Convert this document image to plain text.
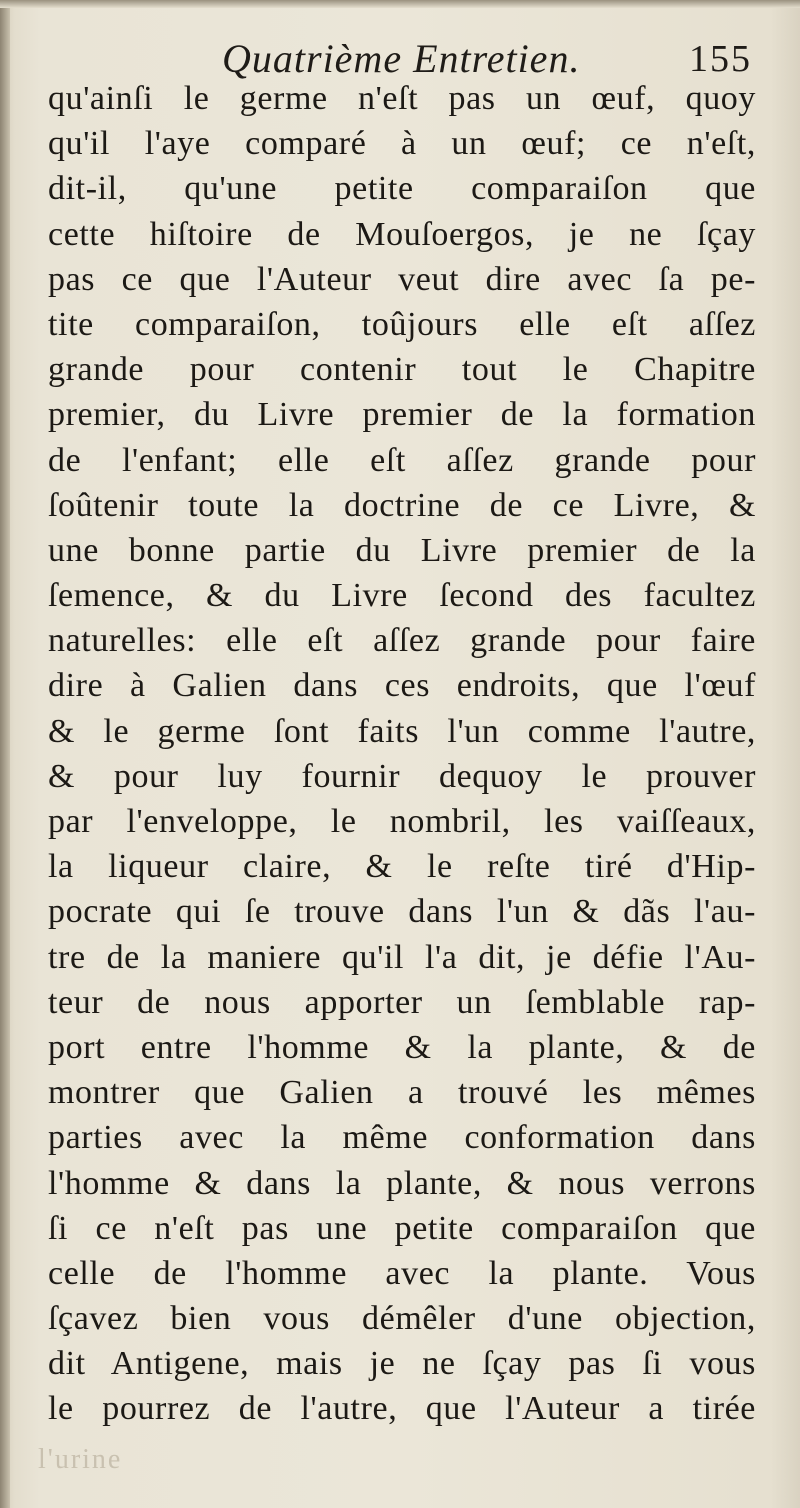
Quatrième Entretien.	155
qu'ainſi le germe n'eſt pas un œuf, quoy
qu'il l'aye comparé à un œuf; ce n'eſt,
dit-il, qu'une petite comparaiſon que
cette hiſtoire de Mouſoergos, je ne ſçay
pas ce que l'Auteur veut dire avec ſa pe-
tite comparaiſon, toûjours elle eſt aſſez
grande pour contenir tout le Chapitre
premier, du Livre premier de la formation
de l'enfant; elle eſt aſſez grande pour
ſoûtenir toute la doctrine de ce Livre, &
une bonne partie du Livre premier de la
ſemence, & du Livre ſecond des facultez
naturelles: elle eſt aſſez grande pour faire
dire à Galien dans ces endroits, que l'œuf
& le germe ſont faits l'un comme l'autre,
& pour luy fournir dequoy le prouver
par l'enveloppe, le nombril, les vaiſſeaux,
la liqueur claire, & le reſte tiré d'Hip-
pocrate qui ſe trouve dans l'un & dãs l'au-
tre de la maniere qu'il l'a dit, je défie l'Au-
teur de nous apporter un ſemblable rap-
port entre l'homme & la plante, & de
montrer que Galien a trouvé les mêmes
parties avec la même conformation dans
l'homme & dans la plante, & nous verrons
ſi ce n'eſt pas une petite comparaiſon que
celle de l'homme avec la plante. Vous
ſçavez bien vous démêler d'une objection,
dit Antigene, mais je ne ſçay pas ſi vous
le pourrez de l'autre, que l'Auteur a tirée
l'urine
